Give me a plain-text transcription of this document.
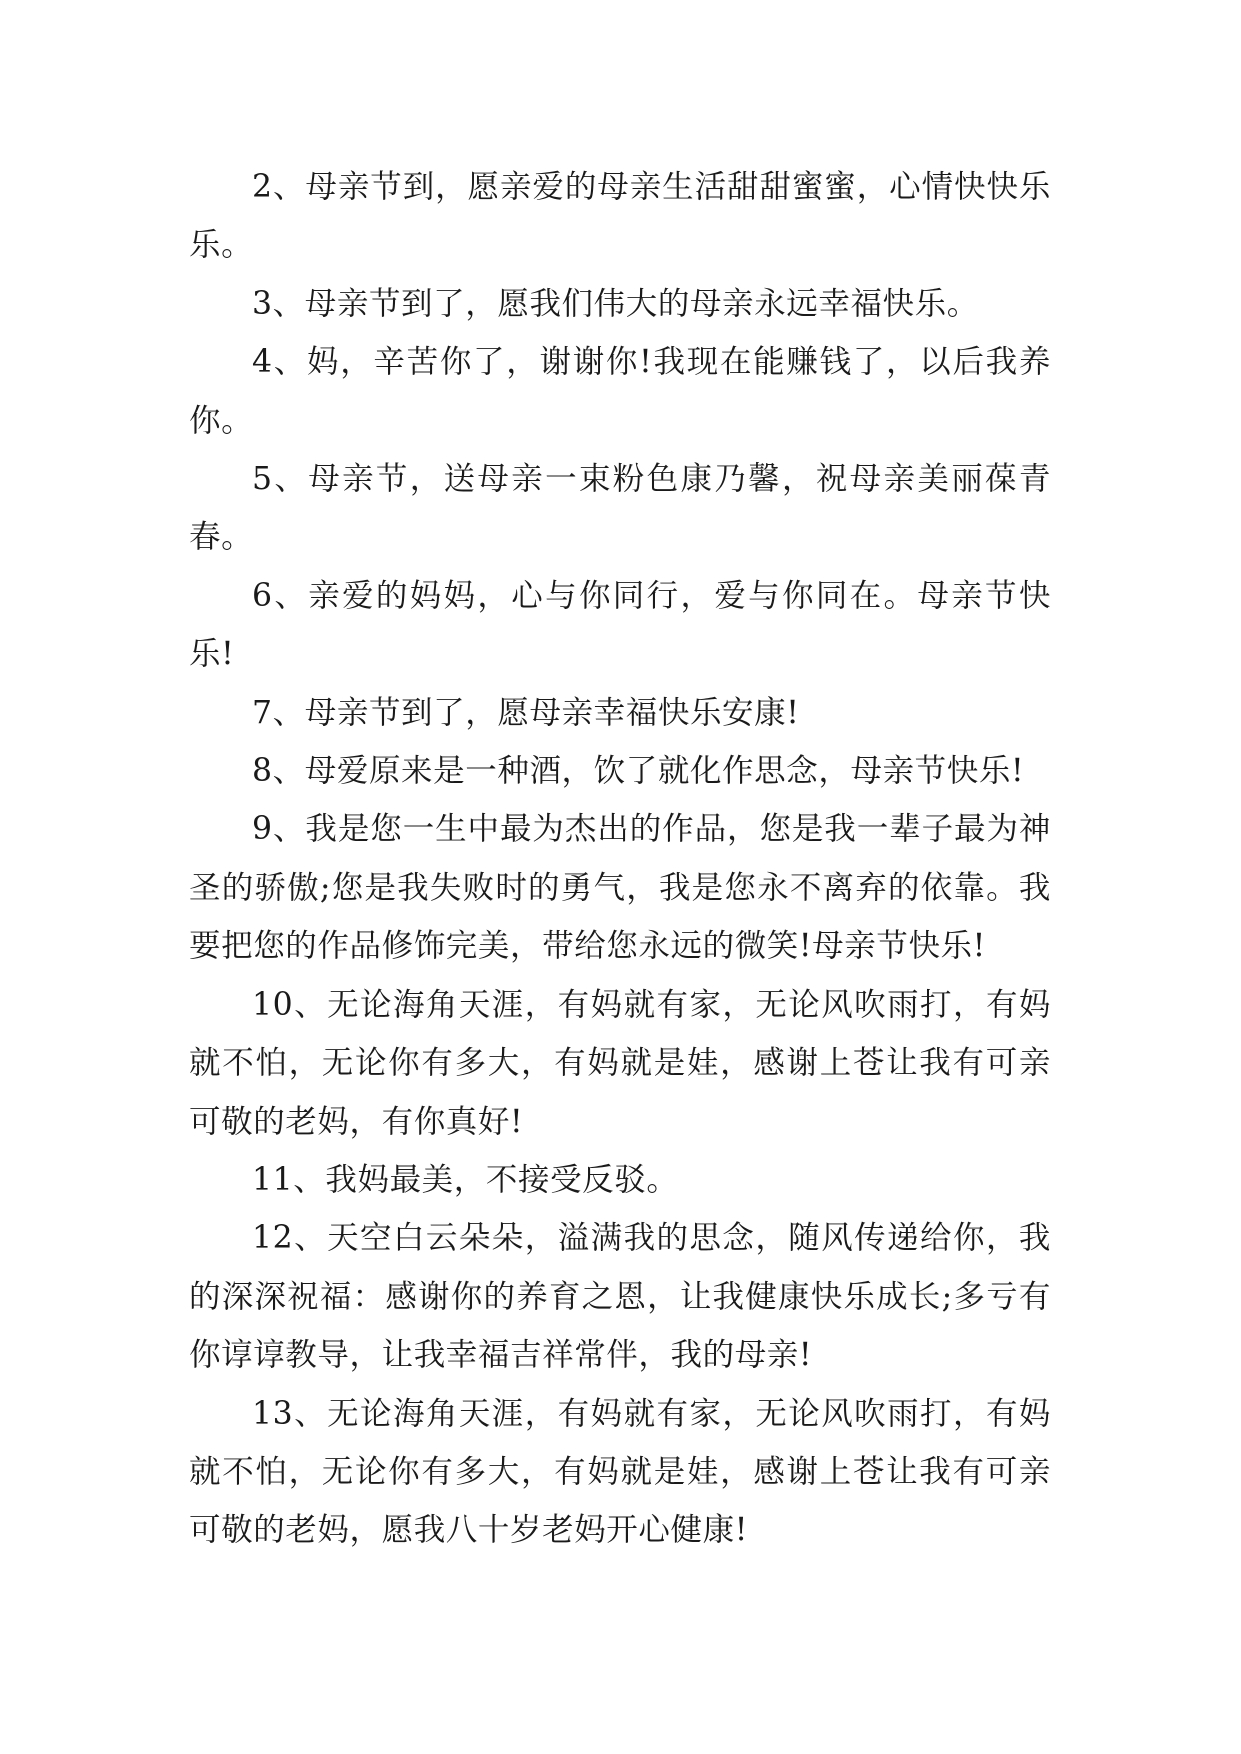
2、母亲节到，愿亲爱的母亲生活甜甜蜜蜜，心情快快乐乐。

3、母亲节到了，愿我们伟大的母亲永远幸福快乐。

4、妈，辛苦你了，谢谢你!我现在能赚钱了，以后我养你。

5、母亲节，送母亲一束粉色康乃馨，祝母亲美丽葆青春。

6、亲爱的妈妈，心与你同行，爱与你同在。母亲节快乐!

7、母亲节到了，愿母亲幸福快乐安康!

8、母爱原来是一种酒，饮了就化作思念，母亲节快乐!

9、我是您一生中最为杰出的作品，您是我一辈子最为神圣的骄傲;您是我失败时的勇气，我是您永不离弃的依靠。我要把您的作品修饰完美，带给您永远的微笑!母亲节快乐!

10、无论海角天涯，有妈就有家，无论风吹雨打，有妈就不怕，无论你有多大，有妈就是娃，感谢上苍让我有可亲可敬的老妈，有你真好!

11、我妈最美，不接受反驳。

12、天空白云朵朵，溢满我的思念，随风传递给你，我的深深祝福：感谢你的养育之恩，让我健康快乐成长;多亏有你谆谆教导，让我幸福吉祥常伴，我的母亲!

13、无论海角天涯，有妈就有家，无论风吹雨打，有妈就不怕，无论你有多大，有妈就是娃，感谢上苍让我有可亲可敬的老妈，愿我八十岁老妈开心健康!
